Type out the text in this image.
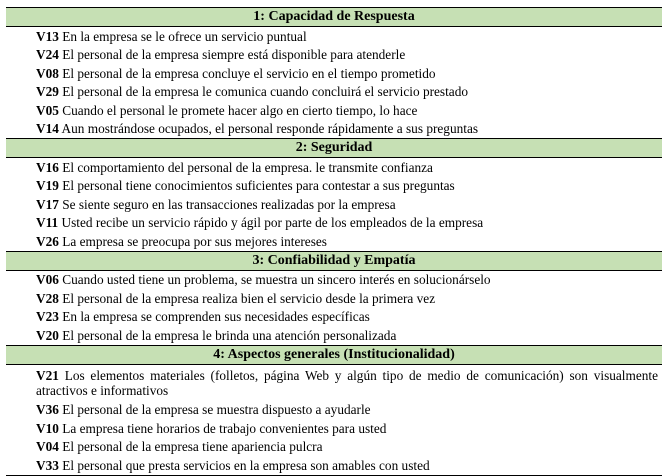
1: Capacidad de Respuesta
V13 En la empresa se le ofrece un servicio puntual
V24 El personal de la empresa siempre está disponible para atenderle
V08 El personal de la empresa concluye el servicio en el tiempo prometido
V29 El personal de la empresa le comunica cuando concluirá el servicio prestado
V05 Cuando el personal le promete hacer algo en cierto tiempo, lo hace
V14 Aun mostrándose ocupados, el personal responde rápidamente a sus preguntas
2: Seguridad
V16 El comportamiento del personal de la empresa. le transmite confianza
V19 El personal tiene conocimientos suficientes para contestar a sus preguntas
V17 Se siente seguro en las transacciones realizadas por la empresa
V11 Usted recibe un servicio rápido y ágil por parte de los empleados de la empresa
V26 La empresa se preocupa por sus mejores intereses
3: Confiabilidad y Empatía
V06 Cuando usted tiene un problema, se muestra un sincero interés en solucionárselo
V28 El personal de la empresa realiza bien el servicio desde la primera vez
V23 En la empresa se comprenden sus necesidades específicas
V20 El personal de la empresa le brinda una atención personalizada
4: Aspectos generales (Institucionalidad)
V21 Los elementos materiales (folletos, página Web y algún tipo de medio de comunicación) son visualmente atractivos e informativos
V36 El personal de la empresa se muestra dispuesto a ayudarle
V10 La empresa tiene horarios de trabajo convenientes para usted
V04 El personal de la empresa tiene apariencia pulcra
V33 El personal que presta servicios en la empresa son amables con usted
